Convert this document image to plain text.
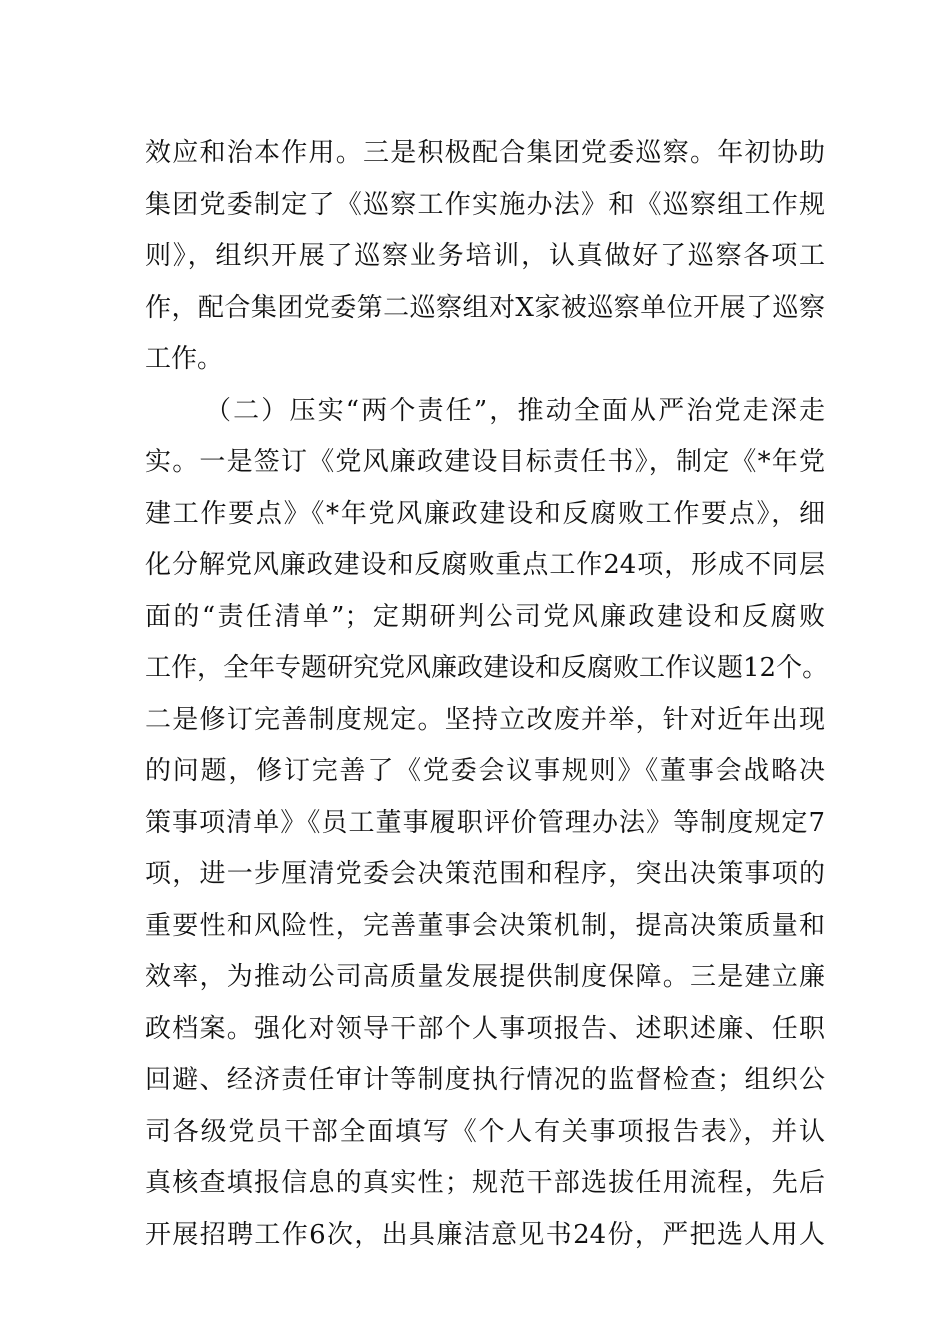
效应和治本作用。三是积极配合集团党委巡察。年初协助
集团党委制定了《巡察工作实施办法》和《巡察组工作规
则》，组织开展了巡察业务培训，认真做好了巡察各项工
作，配合集团党委第二巡察组对X家被巡察单位开展了巡察
工作。
（二）压实“两个责任”，推动全面从严治党走深走
实。一是签订《党风廉政建设目标责任书》，制定《*年党
建工作要点》《*年党风廉政建设和反腐败工作要点》，细
化分解党风廉政建设和反腐败重点工作24项，形成不同层
面的“责任清单”；定期研判公司党风廉政建设和反腐败
工作，全年专题研究党风廉政建设和反腐败工作议题12个。
二是修订完善制度规定。坚持立改废并举，针对近年出现
的问题，修订完善了《党委会议事规则》《董事会战略决
策事项清单》《员工董事履职评价管理办法》等制度规定7
项，进一步厘清党委会决策范围和程序，突出决策事项的
重要性和风险性，完善董事会决策机制，提高决策质量和
效率，为推动公司高质量发展提供制度保障。三是建立廉
政档案。强化对领导干部个人事项报告、述职述廉、任职
回避、经济责任审计等制度执行情况的监督检查；组织公
司各级党员干部全面填写《个人有关事项报告表》，并认
真核查填报信息的真实性；规范干部选拔任用流程，先后
开展招聘工作6次，出具廉洁意见书24份，严把选人用人
